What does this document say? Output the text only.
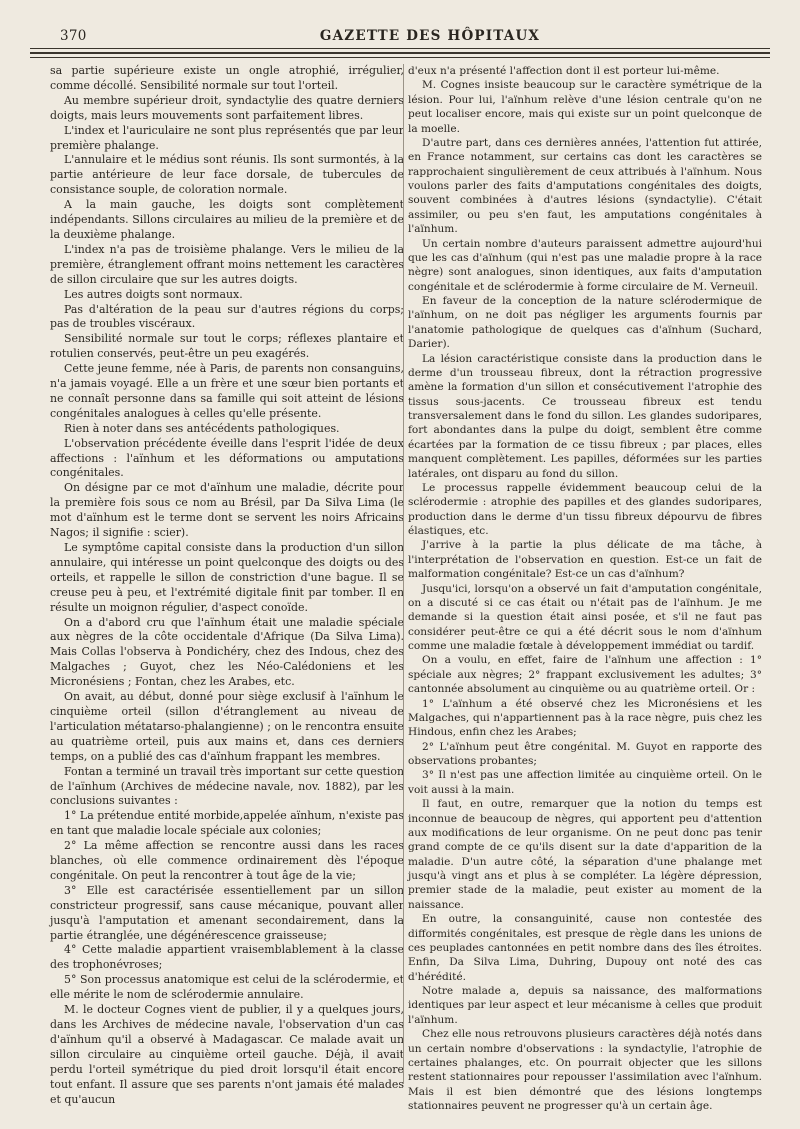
370	GAZETTE DES HÔPITAUX

sa partie supérieure existe un ongle atrophié, irrégulier, comme décollé. Sensibilité normale sur tout l'orteil.

Au membre supérieur droit, syndactylie des quatre derniers doigts, mais leurs mouvements sont parfaitement libres.

L'index et l'auriculaire ne sont plus représentés que par leur première phalange.

L'annulaire et le médius sont réunis. Ils sont surmontés, à la partie antérieure de leur face dorsale, de tubercules de consistance souple, de coloration normale.

A la main gauche, les doigts sont complètement indépendants. Sillons circulaires au milieu de la première et de la deuxième phalange.

L'index n'a pas de troisième phalange. Vers le milieu de la première, étranglement offrant moins nettement les caractères de sillon circulaire que sur les autres doigts.

Les autres doigts sont normaux.

Pas d'altération de la peau sur d'autres régions du corps; pas de troubles viscéraux.

Sensibilité normale sur tout le corps; réflexes plantaire et rotulien conservés, peut-être un peu exagérés.

Cette jeune femme, née à Paris, de parents non consanguins, n'a jamais voyagé. Elle a un frère et une sœur bien portants et ne connaît personne dans sa famille qui soit atteint de lésions congénitales analogues à celles qu'elle présente.

Rien à noter dans ses antécédents pathologiques.

L'observation précédente éveille dans l'esprit l'idée de deux affections : l'aïnhum et les déformations ou amputations congénitales.

On désigne par ce mot d'aïnhum une maladie, décrite pour la première fois sous ce nom au Brésil, par Da Silva Lima (le mot d'aïnhum est le terme dont se servent les noirs Africains Nagos; il signifie : scier).

Le symptôme capital consiste dans la production d'un sillon annulaire, qui intéresse un point quelconque des doigts ou des orteils, et rappelle le sillon de constriction d'une bague. Il se creuse peu à peu, et l'extrémité digitale finit par tomber. Il en résulte un moignon régulier, d'aspect conoïde.

On a d'abord cru que l'aïnhum était une maladie spéciale aux nègres de la côte occidentale d'Afrique (Da Silva Lima). Mais Collas l'observa à Pondichéry, chez des Indous, chez des Malgaches ; Guyot, chez les Néo-Calédoniens et les Micronésiens ; Fontan, chez les Arabes, etc.

On avait, au début, donné pour siège exclusif à l'aïnhum le cinquième orteil (sillon d'étranglement au niveau de l'articulation métatarso-phalangienne) ; on le rencontra ensuite au quatrième orteil, puis aux mains et, dans ces derniers temps, on a publié des cas d'aïnhum frappant les membres.

Fontan a terminé un travail très important sur cette question de l'aïnhum (Archives de médecine navale, nov. 1882), par les conclusions suivantes :

1° La prétendue entité morbide,appelée aïnhum, n'existe pas en tant que maladie locale spéciale aux colonies;

2° La même affection se rencontre aussi dans les races blanches, où elle commence ordinairement dès l'époque congénitale. On peut la rencontrer à tout âge de la vie;

3° Elle est caractérisée essentiellement par un sillon constricteur progressif, sans cause mécanique, pouvant aller jusqu'à l'amputation et amenant secondairement, dans la partie étranglée, une dégénérescence graisseuse;

4° Cette maladie appartient vraisemblablement à la classe des trophonévroses;

5° Son processus anatomique est celui de la sclérodermie, et elle mérite le nom de sclérodermie annulaire.

M. le docteur Cognes vient de publier, il y a quelques jours, dans les Archives de médecine navale, l'observation d'un cas d'aïnhum qu'il a observé à Madagascar. Ce malade avait un sillon circulaire au cinquième orteil gauche. Déjà, il avait perdu l'orteil symétrique du pied droit lorsqu'il était encore tout enfant. Il assure que ses parents n'ont jamais été malades et qu'aucun

d'eux n'a présenté l'affection dont il est porteur lui-même.

M. Cognes insiste beaucoup sur le caractère symétrique de la lésion. Pour lui, l'aïnhum relève d'une lésion centrale qu'on ne peut localiser encore, mais qui existe sur un point quelconque de la moelle.

D'autre part, dans ces dernières années, l'attention fut attirée, en France notamment, sur certains cas dont les caractères se rapprochaient singulièrement de ceux attribués à l'aïnhum. Nous voulons parler des faits d'amputations congénitales des doigts, souvent combinées à d'autres lésions (syndactylie). C'était assimiler, ou peu s'en faut, les amputations congénitales à l'aïnhum.

Un certain nombre d'auteurs paraissent admettre aujourd'hui que les cas d'aïnhum (qui n'est pas une maladie propre à la race nègre) sont analogues, sinon identiques, aux faits d'amputation congénitale et de sclérodermie à forme circulaire de M. Verneuil.

En faveur de la conception de la nature sclérodermique de l'aïnhum, on ne doit pas négliger les arguments fournis par l'anatomie pathologique de quelques cas d'aïnhum (Suchard, Darier).

La lésion caractéristique consiste dans la production dans le derme d'un trousseau fibreux, dont la rétraction progressive amène la formation d'un sillon et consécutivement l'atrophie des tissus sous-jacents. Ce trousseau fibreux est tendu transversalement dans le fond du sillon. Les glandes sudoripares, fort abondantes dans la pulpe du doigt, semblent être comme écartées par la formation de ce tissu fibreux ; par places, elles manquent complètement. Les papilles, déformées sur les parties latérales, ont disparu au fond du sillon.

Le processus rappelle évidemment beaucoup celui de la sclérodermie : atrophie des papilles et des glandes sudoripares, production dans le derme d'un tissu fibreux dépourvu de fibres élastiques, etc.

J'arrive à la partie la plus délicate de ma tâche, à l'interprétation de l'observation en question. Est-ce un fait de malformation congénitale? Est-ce un cas d'aïnhum?

Jusqu'ici, lorsqu'on a observé un fait d'amputation congénitale, on a discuté si ce cas était ou n'était pas de l'aïnhum. Je me demande si la question était ainsi posée, et s'il ne faut pas considérer peut-être ce qui a été décrit sous le nom d'aïnhum comme une maladie fœtale à développement immédiat ou tardif.

On a voulu, en effet, faire de l'aïnhum une affection : 1° spéciale aux nègres; 2° frappant exclusivement les adultes; 3° cantonnée absolument au cinquième ou au quatrième orteil. Or :

1° L'aïnhum a été observé chez les Micronésiens et les Malgaches, qui n'appartiennent pas à la race nègre, puis chez les Hindous, enfin chez les Arabes;

2° L'aïnhum peut être congénital. M. Guyot en rapporte des observations probantes;

3° Il n'est pas une affection limitée au cinquième orteil. On le voit aussi à la main.

Il faut, en outre, remarquer que la notion du temps est inconnue de beaucoup de nègres, qui apportent peu d'attention aux modifications de leur organisme. On ne peut donc pas tenir grand compte de ce qu'ils disent sur la date d'apparition de la maladie. D'un autre côté, la séparation d'une phalange met jusqu'à vingt ans et plus à se compléter. La légère dépression, premier stade de la maladie, peut exister au moment de la naissance.

En outre, la consanguinité, cause non contestée des difformités congénitales, est presque de règle dans les unions de ces peuplades cantonnées en petit nombre dans des îles étroites. Enfin, Da Silva Lima, Duhring, Dupouy ont noté des cas d'hérédité.

Notre malade a, depuis sa naissance, des malformations identiques par leur aspect et leur mécanisme à celles que produit l'aïnhum.

Chez elle nous retrouvons plusieurs caractères déjà notés dans un certain nombre d'observations : la syndactylie, l'atrophie de certaines phalanges, etc. On pourrait objecter que les sillons restent stationnaires pour repousser l'assimilation avec l'aïnhum. Mais il est bien démontré que des lésions longtemps stationnaires peuvent ne progresser qu'à un certain âge.
